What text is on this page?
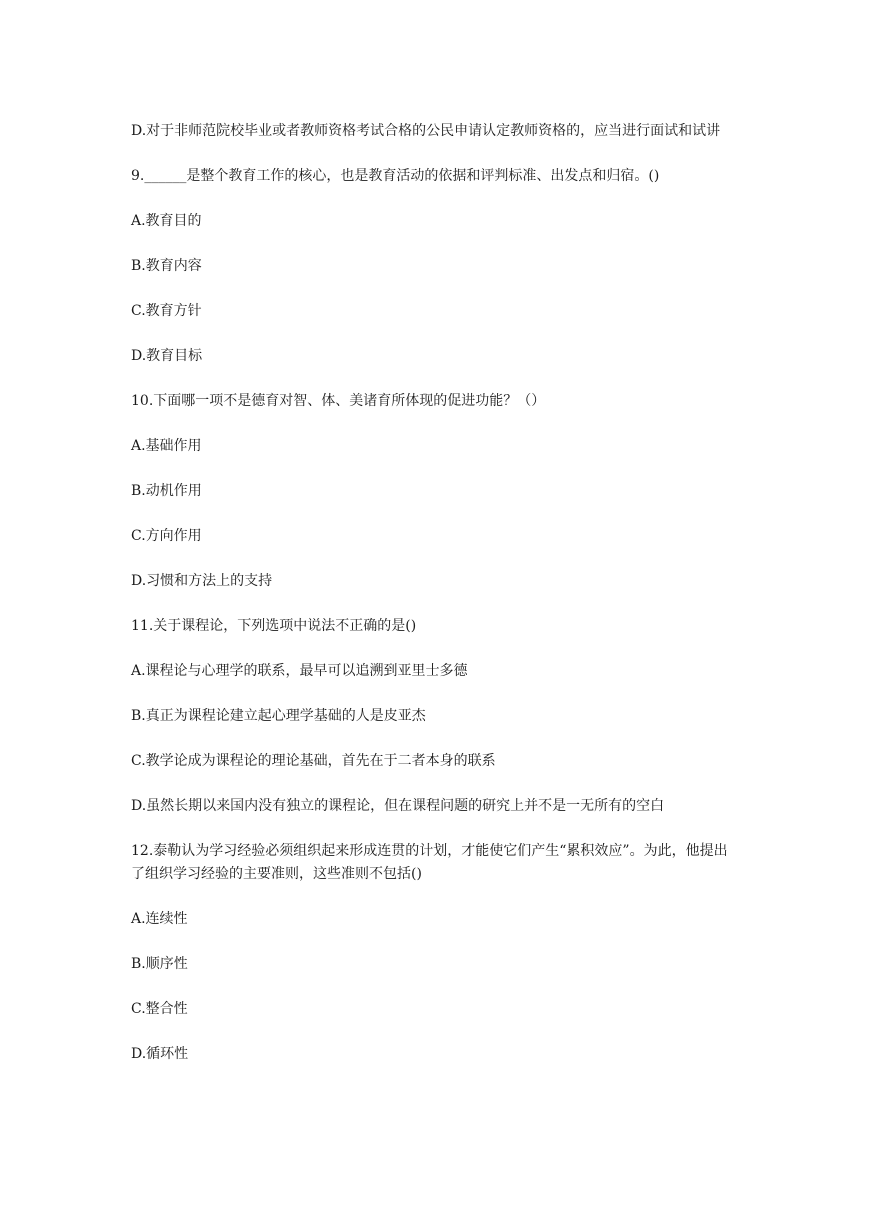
D.对于非师范院校毕业或者教师资格考试合格的公民申请认定教师资格的，应当进行面试和试讲

9.______是整个教育工作的核心，也是教育活动的依据和评判标准、出发点和归宿。()

A.教育目的

B.教育内容

C.教育方针

D.教育目标

10.下面哪一项不是德育对智、体、美诸育所体现的促进功能？（）

A.基础作用

B.动机作用

C.方向作用

D.习惯和方法上的支持

11.关于课程论，下列选项中说法不正确的是()

A.课程论与心理学的联系，最早可以追溯到亚里士多德

B.真正为课程论建立起心理学基础的人是皮亚杰

C.教学论成为课程论的理论基础，首先在于二者本身的联系

D.虽然长期以来国内没有独立的课程论，但在课程问题的研究上并不是一无所有的空白

12.泰勒认为学习经验必须组织起来形成连贯的计划，才能使它们产生“累积效应”。为此，他提出了组织学习经验的主要准则，这些准则不包括()

A.连续性

B.顺序性

C.整合性

D.循环性
